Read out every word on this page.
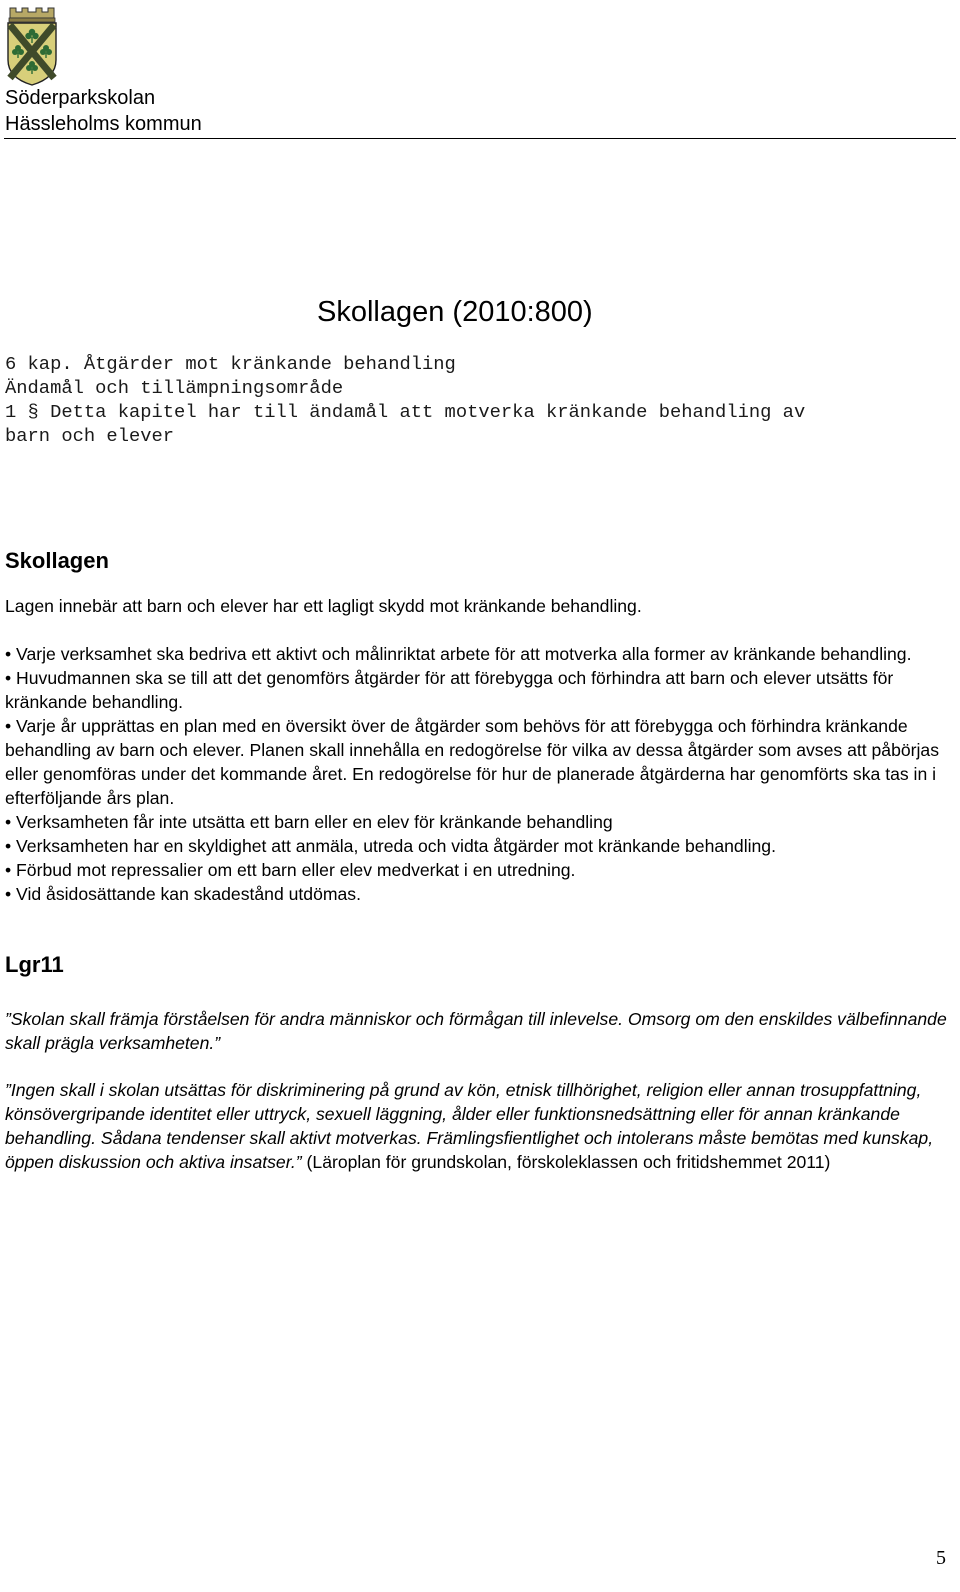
Söderparkskolan
Hässleholms kommun
Skollagen (2010:800)
6 kap. Åtgärder mot kränkande behandling
Ändamål och tillämpningsområde
1 § Detta kapitel har till ändamål att motverka kränkande behandling av
barn och elever
Skollagen

Lagen innebär att barn och elever har ett lagligt skydd mot kränkande behandling.

• Varje verksamhet ska bedriva ett aktivt och målinriktat arbete för att motverka alla former av kränkande behandling.

• Huvudmannen ska se till att det genomförs åtgärder för att förebygga och förhindra att barn och elever utsätts för kränkande behandling.

• Varje år upprättas en plan med en översikt över de åtgärder som behövs för att förebygga och förhindra kränkande behandling av barn och elever. Planen skall innehålla en redogörelse för vilka av dessa åtgärder som avses att påbörjas eller genomföras under det kommande året. En redogörelse för hur de planerade åtgärderna har genomförts ska tas in i efterföljande års plan.

• Verksamheten får inte utsätta ett barn eller en elev för kränkande behandling

• Verksamheten har en skyldighet att anmäla, utreda och vidta åtgärder mot kränkande behandling.

• Förbud mot repressalier om ett barn eller elev medverkat i en utredning.

• Vid åsidosättande kan skadestånd utdömas.

Lgr11

”Skolan skall främja förståelsen för andra människor och förmågan till inlevelse. Omsorg om den enskildes välbefinnande skall prägla verksamheten.”

”Ingen skall i skolan utsättas för diskriminering på grund av kön, etnisk tillhörighet, religion eller annan trosuppfattning, könsövergripande identitet eller uttryck, sexuell läggning, ålder eller funktionsnedsättning eller för annan kränkande behandling. Sådana tendenser skall aktivt motverkas. Främlingsfientlighet och intolerans måste bemötas med kunskap, öppen diskussion och aktiva insatser.” (Läroplan för grundskolan, förskoleklassen och fritidshemmet 2011)

5
